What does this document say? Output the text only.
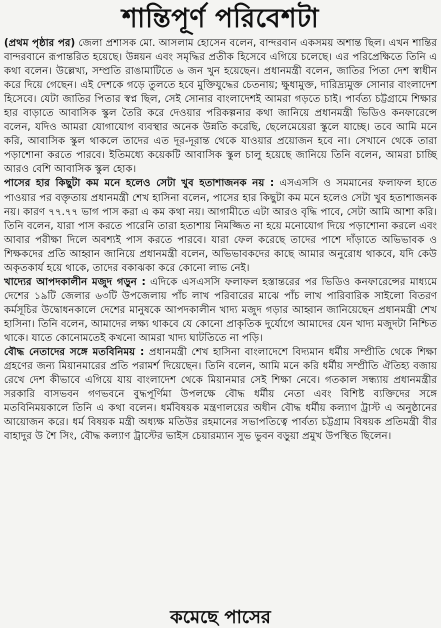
শান্তিপূর্ণ পরিবেশটা

(প্রথম পৃষ্ঠার পর) জেলা প্রশাসক মো. আসলাম হোসেন বলেন, বান্দরবান একসময় অশান্ত ছিল। এখন শান্তির বান্দরবানে রূপান্তরিত হয়েছে। উন্নয়ন এবং সমৃদ্ধির প্রতীক হিসেবে এগিয়ে চলেছে। এর পরিপ্রেক্ষিতে তিনি এ কথা বলেন। উল্লেখ্য, সম্প্রতি রাঙামাটিতে ৬ জন খুন হয়েছেন। প্রধানমন্ত্রী বলেন, জাতির পিতা দেশ স্বাধীন করে দিয়ে গেছেন। এই দেশকে গড়ে তুলতে হবে মুক্তিযুদ্ধের চেতনায়; ক্ষুধামুক্ত, দারিদ্র্যমুক্ত সোনার বাংলাদেশ হিসেবে। যেটা জাতির পিতার স্বপ্ন ছিল, সেই সোনার বাংলাদেশই আমরা গড়তে চাই। পার্বত্য চট্টগ্রামে শিক্ষার হার বাড়াতে আবাসিক স্কুল তৈরি করে দেওয়ার পরিকল্পনার কথা জানিয়ে প্রধানমন্ত্রী ভিডিও কনফারেন্সে বলেন, যদিও আমরা যোগাযোগ ব্যবস্থার অনেক উন্নতি করেছি, ছেলেমেয়েরা স্কুলে যাচ্ছে। তবে আমি মনে করি, আবাসিক স্কুল থাকলে তাদের এত দূর-দূরান্ত থেকে যাওয়ার প্রয়োজন হবে না। সেখানে থেকে তারা পড়াশোনা করতে পারবে। ইতিমধ্যে কয়েকটি আবাসিক স্কুল চালু হয়েছে জানিয়ে তিনি বলেন, আমরা চাচ্ছি আরও বেশি আবাসিক স্কুল হোক।

পাসের হার কিছুটা কম মনে হলেও সেটা খুব হতাশাজনক নয় : এসএসসি ও সমমানের ফলাফল হাতে পাওয়ার পর বক্তৃতায় প্রধানমন্ত্রী শেখ হাসিনা বলেন, পাসের হার কিছুটা কম মনে হলেও সেটা খুব হতাশাজনক নয়। কারণ ৭৭.৭৭ ভাগ পাস করা এ কম কথা নয়। আগামীতে এটা আরও বৃদ্ধি পাবে, সেটা আমি আশা করি। তিনি বলেন, যারা পাস করতে পারেনি তারা হতাশায় নিমজ্জিত না হয়ে মনোযোগ দিয়ে পড়াশোনা করলে এবং আবার পরীক্ষা দিলে অবশ্যই পাস করতে পারবে। যারা ফেল করেছে তাদের পাশে দাঁড়াতে অভিভাবক ও শিক্ষকদের প্রতি আহ্বান জানিয়ে প্রধানমন্ত্রী বলেন, অভিভাবকদের কাছে আমার অনুরোধ থাকবে, যদি কেউ অকৃতকার্য হয়ে থাকে, তাদের বকাঝকা করে কোনো লাভ নেই।

খাদ্যের আপদকালীন মজুদ গড়ুন : এদিকে এসএসসি ফলাফল হস্তান্তরের পর ভিডিও কনফারেন্সের মাধ্যমে দেশের ১৯টি জেলার ৬৩টি উপজেলায় পাঁচ লাখ পরিবারের মাঝে পাঁচ লাখ পারিবারিক সাইলো বিতরণ কর্মসূচির উদ্বোধনকালে দেশের মানুষকে আপদকালীন খাদ্য মজুদ গড়ার আহ্বান জানিয়েছেন প্রধানমন্ত্রী শেখ হাসিনা। তিনি বলেন, আমাদের লক্ষ্য থাকবে যে কোনো প্রাকৃতিক দুর্যোগে আমাদের যেন খাদ্য মজুদটা নিশ্চিত থাকে। যাতে কোনোমতেই কখনো আমরা খাদ্য ঘাটতিতে না পড়ি।

বৌদ্ধ নেতাদের সঙ্গে মতবিনিময় : প্রধানমন্ত্রী শেখ হাসিনা বাংলাদেশে বিদ্যমান ধর্মীয় সম্প্রীতি থেকে শিক্ষা গ্রহণের জন্য মিয়ানমারের প্রতি পরামর্শ দিয়েছেন। তিনি বলেন, আমি মনে করি ধর্মীয় সম্প্রীতি ঐতিহ্য বজায় রেখে দেশ কীভাবে এগিয়ে যায় বাংলাদেশ থেকে মিয়ানমার সেই শিক্ষা নেবে। গতকাল সন্ধ্যায় প্রধানমন্ত্রীর সরকারি বাসভবন গণভবনে বুদ্ধপূর্ণিমা উপলক্ষে বৌদ্ধ ধর্মীয় নেতা এবং বিশিষ্ট ব্যক্তিদের সঙ্গে মতবিনিময়কালে তিনি এ কথা বলেন। ধর্মবিষয়ক মন্ত্রণালয়ের অধীন বৌদ্ধ ধর্মীয় কল্যাণ ট্রাস্ট এ অনুষ্ঠানের আয়োজন করে। ধর্ম বিষয়ক মন্ত্রী অধ্যক্ষ মতিউর রহমানের সভাপতিত্বে পার্বত্য চট্টগ্রাম বিষয়ক প্রতিমন্ত্রী বীর বাহাদুর উ শৈ সিং, বৌদ্ধ কল্যাণ ট্রাস্টের ভাইস চেয়ারম্যান সুভ ভুবন বড়ুয়া প্রমুখ উপস্থিত ছিলেন।

কমেছে পাসের
